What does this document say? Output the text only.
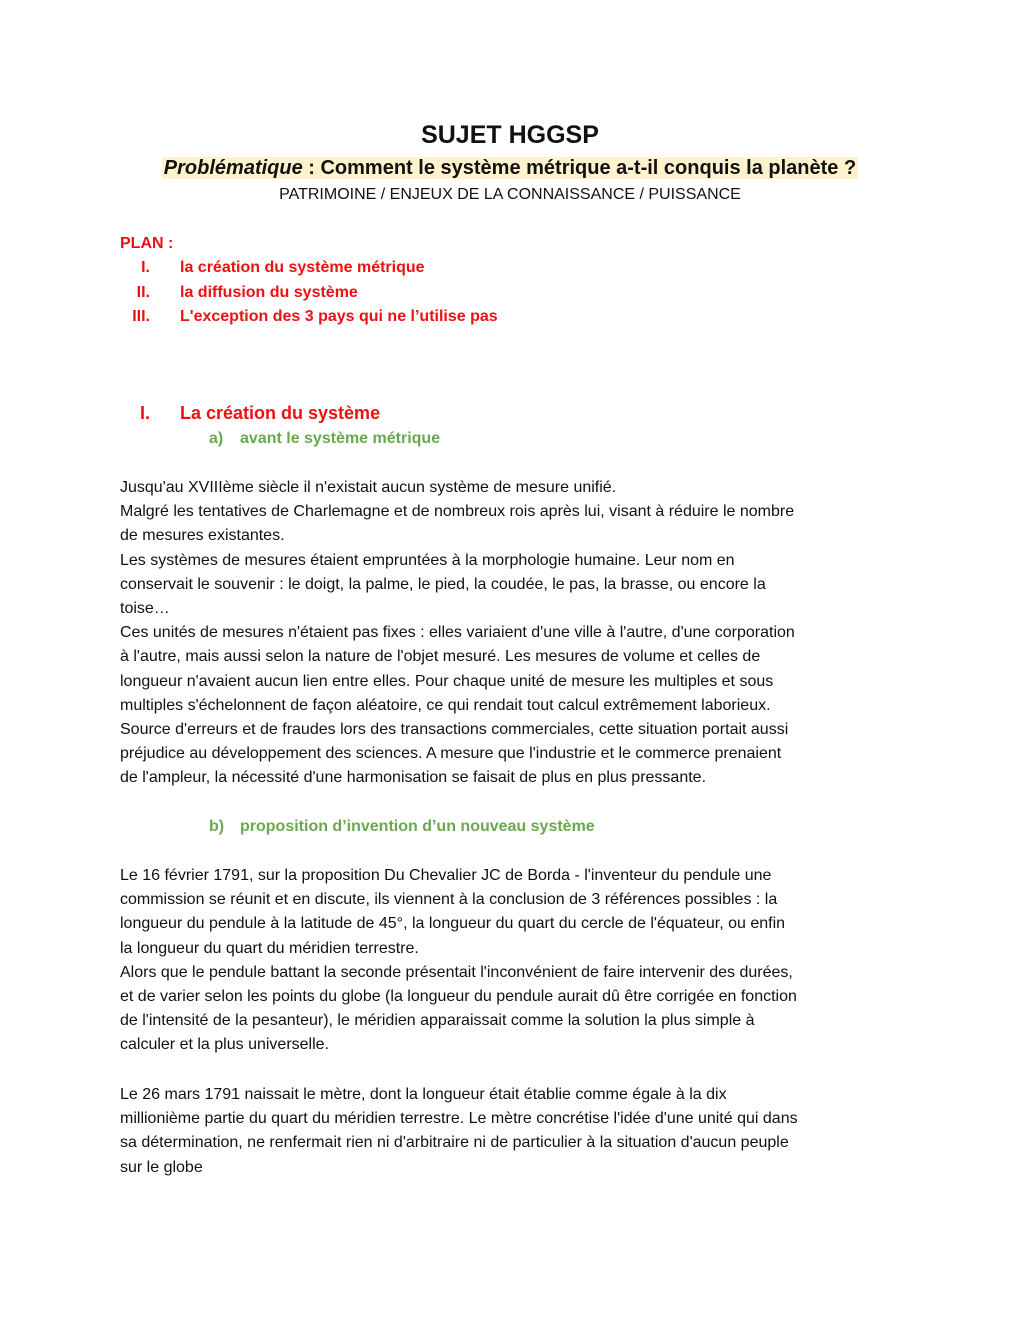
SUJET HGGSP
Problématique : Comment le système métrique a-t-il conquis la planète ?
PATRIMOINE / ENJEUX DE LA CONNAISSANCE / PUISSANCE
PLAN :
I. la création du système métrique
II. la diffusion du système
III. L'exception des 3 pays qui ne l’utilise pas
I. La création du système
a) avant le système métrique
Jusqu'au XVIIIème siècle il n'existait aucun système de mesure unifié.
Malgré les tentatives de Charlemagne et de nombreux rois après lui, visant à réduire le nombre
de mesures existantes.
Les systèmes de mesures étaient empruntées à la morphologie humaine. Leur nom en
conservait le souvenir : le doigt, la palme, le pied, la coudée, le pas, la brasse, ou encore la
toise…
Ces unités de mesures n'étaient pas fixes : elles variaient d'une ville à l'autre, d'une corporation
à l'autre, mais aussi selon la nature de l'objet mesuré. Les mesures de volume et celles de
longueur n'avaient aucun lien entre elles. Pour chaque unité de mesure les multiples et sous
multiples s'échelonnent de façon aléatoire, ce qui rendait tout calcul extrêmement laborieux.
Source d'erreurs et de fraudes lors des transactions commerciales, cette situation portait aussi
préjudice au développement des sciences. A mesure que l'industrie et le commerce prenaient
de l'ampleur, la nécessité d'une harmonisation se faisait de plus en plus pressante.
b) proposition d’invention d’un nouveau système
Le 16 février 1791, sur la proposition Du Chevalier JC de Borda - l'inventeur du pendule une
commission se réunit et en discute, ils viennent à la conclusion de 3 références possibles : la
longueur du pendule à la latitude de 45°, la longueur du quart du cercle de l'équateur, ou enfin
la longueur du quart du méridien terrestre.
Alors que le pendule battant la seconde présentait l'inconvénient de faire intervenir des durées,
et de varier selon les points du globe (la longueur du pendule aurait dû être corrigée en fonction
de l'intensité de la pesanteur), le méridien apparaissait comme la solution la plus simple à
calculer et la plus universelle.
Le 26 mars 1791 naissait le mètre, dont la longueur était établie comme égale à la dix
millionième partie du quart du méridien terrestre. Le mètre concrétise l'idée d'une unité qui dans
sa détermination, ne renfermait rien ni d'arbitraire ni de particulier à la situation d'aucun peuple
sur le globe
